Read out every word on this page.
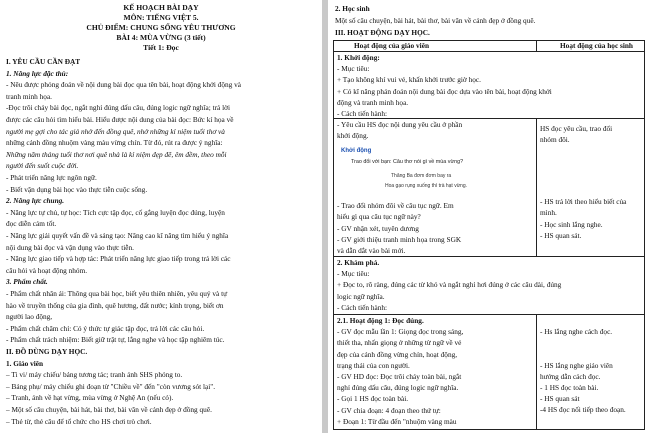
KẾ HOẠCH BÀI DẠY
MÔN: TIẾNG VIỆT 5.
CHỦ ĐIỂM: CHUNG SỐNG YÊU THƯƠNG
BÀI 4: MÙA VỪNG (3 tiết)
Tiết 1: Đọc
I. YÊU CẦU CẦN ĐẠT
1. Năng lực đặc thù:
- Nêu được phỏng đoán về nội dung bài đọc qua tên bài, hoạt động khởi động và
tranh minh họa.
-Đọc trôi chảy bài đọc, ngắt nghỉ đúng dấu câu, đúng logic ngữ nghĩa; trả lời
được các câu hỏi tìm hiểu bài. Hiểu được nội dung của bài đọc: Bức kí họa về
người mẹ gợi cho tác giả nhớ đến đồng quê, nhớ những kỉ niệm tuổi thơ và
những cảnh đồng nhuộm vàng màu vừng chín. Từ đó, rút ra được ý nghĩa:
Những năm tháng tuổi thơ nơi quê nhà là kỉ niệm đẹp đẽ, êm đềm, theo mỗi
người đến suốt cuộc đời.
- Phát triển năng lực ngôn ngữ.
- Biết vận dụng bài học vào thực tiễn cuộc sống.
2. Năng lực chung.
- Năng lực tự chủ, tự học: Tích cực tập đọc, cố gắng luyện đọc đúng, luyện
đọc diễn cảm tốt.
- Năng lực giải quyết vấn đề và sáng tạo: Nâng cao kĩ năng tìm hiểu ý nghĩa
nội dung bài đọc và vận dụng vào thực tiễn.
- Năng lực giao tiếp và hợp tác: Phát triển năng lực giao tiếp trong trả lời các
câu hỏi và hoạt động nhóm.
3. Phẩm chất.
- Phẩm chất nhân ái: Thông qua bài học, biết yêu thiên nhiên, yêu quý và tự
hào về truyền thống của gia đình, quê hương, đất nước; kính trọng, biết ơn
người lao động,
- Phẩm chất chăm chỉ: Có ý thức tự giác tập đọc, trả lời các câu hỏi.
- Phẩm chất trách nhiệm: Biết giữ trật tự, lắng nghe và học tập nghiêm túc.
II. ĐỒ DÙNG DẠY HỌC.
1. Giáo viên
– Ti vi/ máy chiếu/ bảng tương tác; tranh ảnh SHS phóng to.
– Bảng phụ/ máy chiếu ghi đoạn từ "Chiều về" đến "còn vương sót lại".
– Tranh, ảnh về hạt vừng, mùa vừng ở Nghệ An (nếu có).
– Một số câu chuyện, bài hát, bài thơ, bài văn về cảnh đẹp ở đồng quê.
– Thẻ từ, thẻ câu để tổ chức cho HS chơi trò chơi.
2. Học sinh
Một số câu chuyện, bài hát, bài thơ, bài văn về cảnh đẹp ở đồng quê.
III. HOẠT ĐỘNG DẠY HỌC.
Hoạt động của giáo viên	Hoạt động của học sinh
1. Khởi động:
- Mục tiêu:
+ Tạo không khí vui vẻ, khấn khởi trước giờ học.
+ Có kĩ năng phán đoán nội dung bài đọc dựa vào tên bài, hoạt động khởi
động và tranh minh họa.
- Cách tiến hành:
- Yêu cầu HS đọc nội dung yêu cầu ở phần
khởi động.
HS đọc yêu cầu, trao đổi
nhóm đôi.
- Trao đổi nhóm đôi về câu tục ngữ. Em
hiểu gì qua câu tục ngữ này?
- GV nhận xét, tuyên dương
- GV giới thiệu tranh minh họa trong SGK
và dẫn dắt vào bài mới.
- HS trả lời theo hiểu biết của
mình.
- Học sinh lắng nghe.
- HS quan sát.
Khởi động
Trao đổi với bạn: Câu thơ nói gì về mùa vừng?
Thăng Ba đơm đơm bay ra
Hoa gạo rụng xuống thì trà hạt vừng.
2. Khám phá.
- Mục tiêu:
+ Đọc to, rõ ràng, đúng các từ khó và ngắt nghỉ hơi đúng ở các câu dài, đúng
logic ngữ nghĩa.
- Cách tiến hành:
2.1. Hoạt động 1: Đọc đúng.
- GV đọc mẫu lần 1: Giọng đọc trong sáng,
thiết tha, nhấn giọng ở những từ ngữ về vẻ
đẹp của cánh đồng vừng chín, hoạt động,
trạng thái của con người.
- GV HD đọc: Đọc trôi chảy toàn bài, ngắt
nghỉ đúng dấu câu, đúng logic ngữ nghĩa.
- Gọi 1 HS đọc toàn bài.
- GV chia đoạn: 4 đoạn theo thứ tự:
+ Đoạn 1: Từ đầu đến "nhuộm vàng màu
- Hs lắng nghe cách đọc.
- HS lắng nghe giáo viên
hướng dẫn cách đọc.
- 1 HS đọc toàn bài.
- HS quan sát
-4 HS đọc nối tiếp theo đoạn.
